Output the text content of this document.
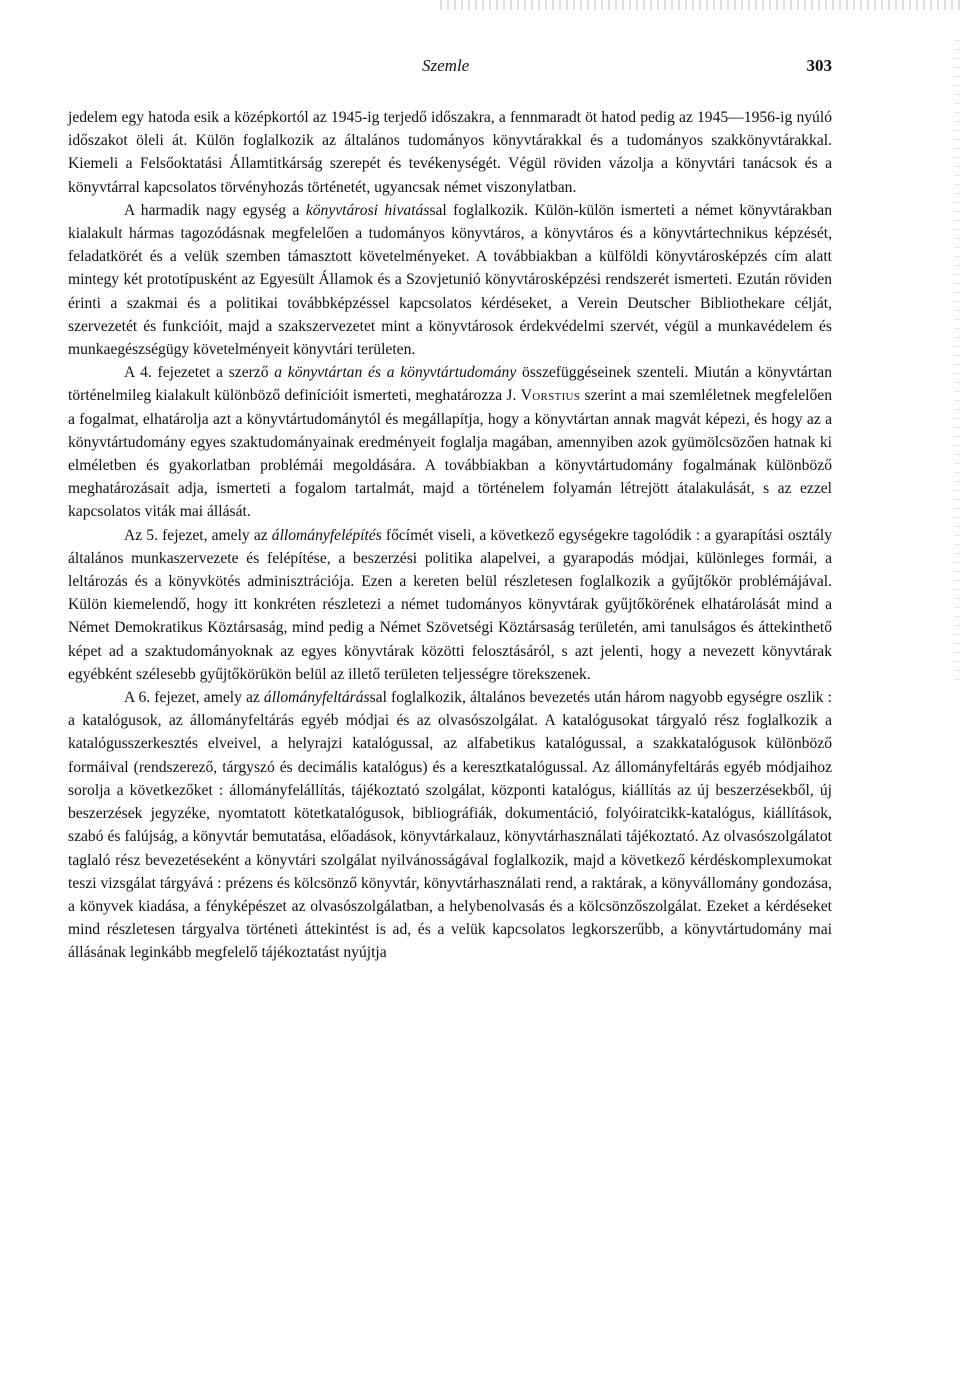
Szemle	303

jedelem egy hatoda esik a középkortól az 1945-ig terjedő időszakra, a fennmaradt öt hatod pedig az 1945—1956-ig nyúló időszakot öleli át. Külön foglalkozik az általános tudományos könyvtárakkal és a tudományos szakkönyvtárakkal. Kiemeli a Felsőoktatási Államtitkárság szerepét és tevékenységét. Végül röviden vázolja a könyvtári tanácsok és a könyvtárral kapcsolatos törvényhozás történetét, ugyancsak német viszonylatban.

A harmadik nagy egység a könyvtárosi hivatással foglalkozik. Külön-külön ismerteti a német könyvtárakban kialakult hármas tagozódásnak megfelelően a tudományos könyvtáros, a könyvtáros és a könyvtártechnikus képzését, feladatkörét és a velük szemben támasztott követelményeket. A továbbiakban a külföldi könyvtárosképzés cím alatt mintegy két prototípusként az Egyesült Államok és a Szovjetunió könyvtárosképzési rendszerét ismerteti. Ezután röviden érinti a szakmai és a politikai továbbképzéssel kapcsolatos kérdéseket, a Verein Deutscher Bibliothekare célját, szervezetét és funkcióit, majd a szakszervezetet mint a könyvtárosok érdekvédelmi szervét, végül a munkavédelem és munkaegészségügy követelményeit könyvtári területen.

A 4. fejezetet a szerző a könyvtártan és a könyvtártudomány összefüggéseinek szenteli. Miután a könyvtártan történelmileg kialakult különböző definícióit ismerteti, meghatározza J. Vorstius szerint a mai szemléletnek megfelelően a fogalmat, elhatárolja azt a könyvtártudománytól és megállapítja, hogy a könyvtártan annak magvát képezi, és hogy az a könyvtártudomány egyes szaktudományainak eredményeit foglalja magában, amennyiben azok gyümölcsözően hatnak ki elméletben és gyakorlatban problémái megoldására. A továbbiakban a könyvtártudomány fogalmának különböző meghatározásait adja, ismerteti a fogalom tartalmát, majd a történelem folyamán létrejött átalakulását, s az ezzel kapcsolatos viták mai állását.

Az 5. fejezet, amely az állományfelépítés főcímét viseli, a következő egységekre tagolódik : a gyarapítási osztály általános munkaszervezete és felépítése, a beszerzési politika alapelvei, a gyarapodás módjai, különleges formái, a leltározás és a könyvkötés adminisztrációja. Ezen a kereten belül részletesen foglalkozik a gyűjtőkör problémájával. Külön kiemelendő, hogy itt konkréten részletezi a német tudományos könyvtárak gyűjtőkörének elhatárolását mind a Német Demokratikus Köztársaság, mind pedig a Német Szövetségi Köztársaság területén, ami tanulságos és áttekinthető képet ad a szaktudományoknak az egyes könyvtárak közötti felosztásáról, s azt jelenti, hogy a nevezett könyvtárak egyébként szélesebb gyűjtőkörükön belül az illető területen teljességre törekszenek.

A 6. fejezet, amely az állományfeltárással foglalkozik, általános bevezetés után három nagyobb egységre oszlik : a katalógusok, az állományfeltárás egyéb módjai és az olvasószolgálat. A katalógusokat tárgyaló rész foglalkozik a katalógusszerkesztés elveivel, a helyrajzi katalógussal, az alfabetikus katalógussal, a szakkatalógusok különböző formáival (rendszerező, tárgyszó és decimális katalógus) és a keresztkatalógussal. Az állományfeltárás egyéb módjaihoz sorolja a következőket : állományfelállítás, tájékoztató szolgálat, központi katalógus, kiállítás az új beszerzésekből, új beszerzések jegyzéke, nyomtatott kötetkatalógusok, bibliográfiák, dokumentáció, folyóiratcikk-katalógus, kiállítások, szabó és falújság, a könyvtár bemutatása, előadások, könyvtárkalauz, könyvtárhasználati tájékoztató. Az olvasószolgálatot taglaló rész bevezetéseként a könyvtári szolgálat nyilvánosságával foglalkozik, majd a következő kérdéskomplexumokat teszi vizsgálat tárgyává : prézens és kölcsönző könyvtár, könyvtárhasználati rend, a raktárak, a könyvállomány gondozása, a könyvek kiadása, a fényképészet az olvasószolgálatban, a helybenolvasás és a kölcsönzőszolgálat. Ezeket a kérdéseket mind részletesen tárgyalva történeti áttekintést is ad, és a velük kapcsolatos legkorszerűbb, a könyvtártudomány mai állásának leginkább megfelelő tájékoztatást nyújtja
